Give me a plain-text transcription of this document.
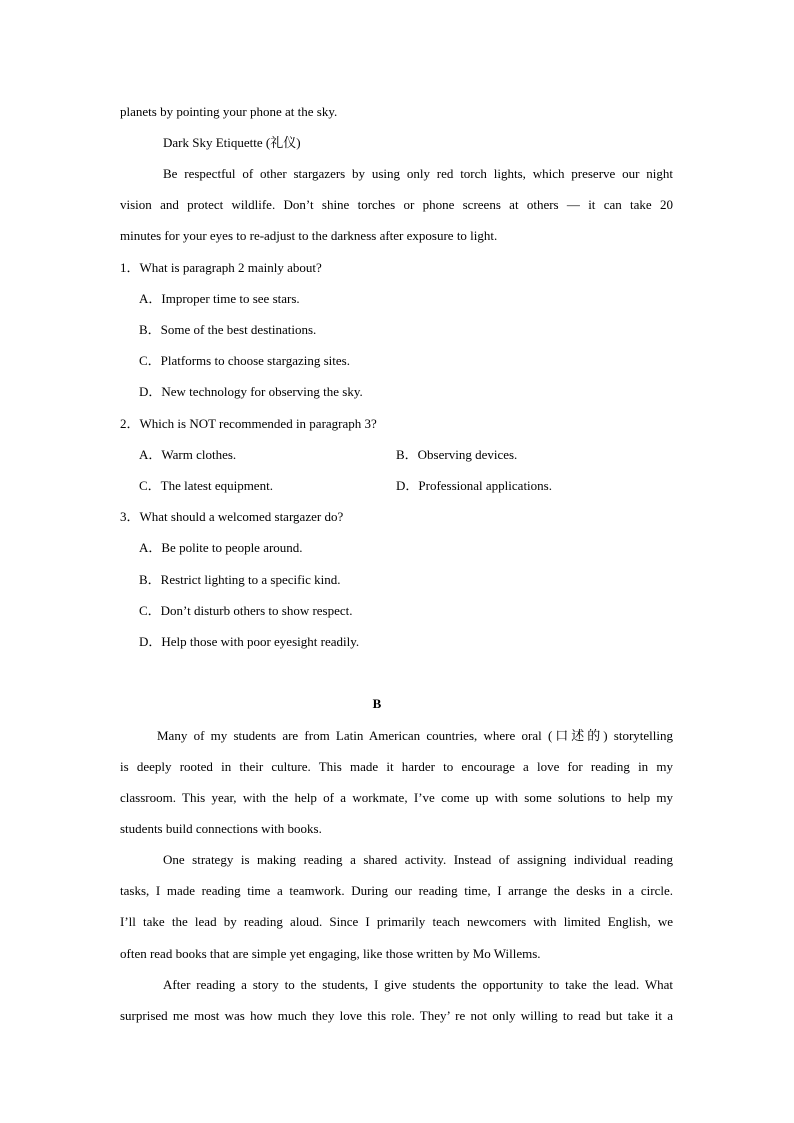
planets by pointing your phone at the sky.
Dark Sky Etiquette (礼仪)
Be respectful of other stargazers by using only red torch lights, which preserve our night
vision and protect wildlife. Don’t shine torches or phone screens at others — it can take 20
minutes for your eyes to re-adjust to the darkness after exposure to light.
1．What is paragraph 2 mainly about?
A．Improper time to see stars.
B．Some of the best destinations.
C．Platforms to choose stargazing sites.
D．New technology for observing the sky.
2．Which is NOT recommended in paragraph 3?
A．Warm clothes.	B．Observing devices.
C．The latest equipment.	D．Professional applications.
3．What should a welcomed stargazer do?
A．Be polite to people around.
B．Restrict lighting to a specific kind.
C．Don’t disturb others to show respect.
D．Help those with poor eyesight readily.
B
Many of my students are from Latin American countries, where oral (口述的) storytelling
is deeply rooted in their culture. This made it harder to encourage a love for reading in my
classroom. This year, with the help of a workmate, I’ve come up with some solutions to help my
students build connections with books.
One strategy is making reading a shared activity. Instead of assigning individual reading
tasks, I made reading time a teamwork. During our reading time, I arrange the desks in a circle.
I’ll take the lead by reading aloud. Since I primarily teach newcomers with limited English, we
often read books that are simple yet engaging, like those written by Mo Willems.
After reading a story to the students, I give students the opportunity to take the lead. What
surprised me most was how much they love this role. They’ re not only willing to read but take it a
